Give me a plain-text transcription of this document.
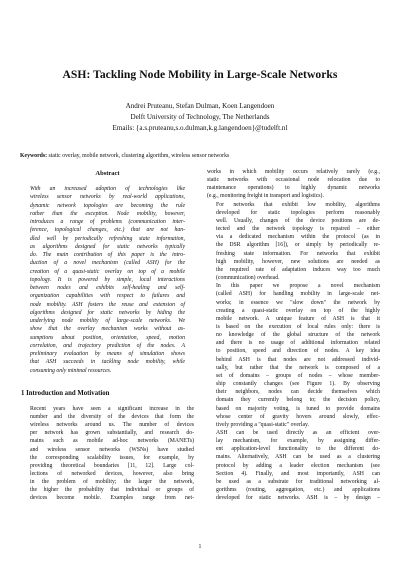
ASH: Tackling Node Mobility in Large-Scale Networks
Andrei Pruteanu, Stefan Dulman, Koen Langendoen
Delft University of Technology, The Netherlands
Emails: {a.s.pruteanu,s.o.dulman,k.g.langendoen}@tudelft.nl
Keywords: static overlay, mobile network, clustering algorithm, wireless sensor networks
Abstract

With an increased adoption of technologies like
wireless sensor networks by real-world applications,
dynamic network topologies are becoming the rule
rather than the exception. Node mobility, however,
introduces a range of problems (communication inter-
ference, topological changes, etc.) that are not han-
dled well by periodically refreshing state information,
as algorithms designed for static networks typically
do. The main contribution of this paper is the intro-
duction of a novel mechanism (called ASH) for the
creation of a quasi-static overlay on top of a mobile
topology. It is powered by simple, local interactions
between nodes and exhibits self-healing and self-
organization capabilities with respect to failures and
node mobility. ASH fosters the reuse and extension of
algorithms designed for static networks by hiding the
underlying node mobility of large-scale networks. We
show that the overlay mechanism works without as-
sumptions about position, orientation, speed, motion
correlation, and trajectory prediction of the nodes. A
preliminary evaluation by means of simulation shows
that ASH succeeds in tackling node mobility, while
consuming only minimal resources.

1 Introduction and Motivation

Recent years have seen a significant increase in the
number and the diversity of the devices that form the
wireless networks around us. The number of devices
per network has grown substantially, and research do-
mains such as mobile ad-hoc networks (MANETs)
and wireless sensor networks (WSNs) have studied
the corresponding scalability issues, for example, by
providing theoretical boundaries [11, 12]. Large col-
lections of networked devices, however, also bring
in the problem of mobility; the larger the network,
the higher the probability that individual or groups of
devices become mobile. Examples range from net-

works in which mobility occurs relatively rarely (e.g.,
static networks with occasional node relocation due to
maintenance operations) to highly dynamic networks
(e.g., monitoring freight in transport and logistics).

For networks that exhibit low mobility, algorithms
developed for static topologies perform reasonably
well. Usually, changes of the device positions are de-
tected and the network topology is repaired – either
via a dedicated mechanism within the protocol (as in
the DSR algorithm [16]), or simply by periodically re-
freshing state information. For networks that exhibit
high mobility, however, new solutions are needed as
the required rate of adaptation induces way too much
(communication) overhead.

In this paper we propose a novel mechanism
(called ASH) for handling mobility in large-scale net-
works; in essence we "slow down" the network by
creating a quasi-static overlay on top of the highly
mobile network. A unique feature of ASH is that it
is based on the execution of local rules only: there is
no knowledge of the global structure of the network
and there is no usage of additional information related
to position, speed and direction of nodes. A key idea
behind ASH is that nodes are not addressed individ-
ually, but rather that the network is composed of a
set of domains – groups of nodes – whose member-
ship constantly changes (see Figure 1). By observing
their neighbors, nodes can decide themselves which
domain they currently belong to; the decision policy,
based on majority voting, is tuned to provide domains
whose center of gravity hovers around slowly, effec-
tively providing a "quasi-static" overlay.

ASH can be used directly as an efficient over-
lay mechanism, for example, by assigning differ-
ent application-level functionality to the different do-
mains. Alternatively, ASH can be used as a clustering
protocol by adding a leader election mechanism (see
Section 4). Finally, and most importantly, ASH can
be used as a substrate for traditional networking al-
gorithms (routing, aggregation, etc.) and applications
developed for static networks. ASH is – by design –

1
